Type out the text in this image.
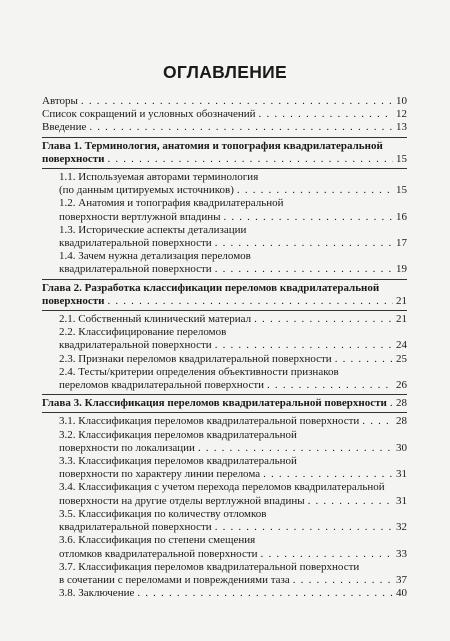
ОГЛАВЛЕНИЕ
Авторы . . .	10
Список сокращений и условных обозначений . . .	12
Введение . . .	13
Глава 1. Терминология, анатомия и топография квадрилатеральной
поверхности . . .	15
1.1. Используемая авторами терминология
(по данным цитируемых источников) . . .	15
1.2. Анатомия и топография квадрилатеральной
поверхности вертлужной впадины . . .	16
1.3. Исторические аспекты детализации
квадрилатеральной поверхности . . .	17
1.4. Зачем нужна детализация переломов
квадрилатеральной поверхности . . .	19
Глава 2. Разработка классификации переломов квадрилатеральной
поверхности . . .	21
2.1. Собственный клинический материал . . .	21
2.2. Классифицирование переломов
квадрилатеральной поверхности . . .	24
2.3. Признаки переломов квадрилатеральной поверхности . . .	25
2.4. Тесты/критерии определения объективности признаков
переломов квадрилатеральной поверхности . . .	26
Глава 3. Классификация переломов квадрилатеральной поверхности . . . 28
3.1. Классификация переломов квадрилатеральной поверхности . . .	28
3.2. Классификация переломов квадрилатеральной
поверхности по локализации . . .	30
3.3. Классификация переломов квадрилатеральной
поверхности по характеру линии перелома . . .	31
3.4. Классификация с учетом перехода переломов квадрилатеральной
поверхности на другие отделы вертлужной впадины . . .	31
3.5. Классификация по количеству отломков
квадрилатеральной поверхности . . .	32
3.6. Классификация по степени смещения
отломков квадрилатеральной поверхности . . .	33
3.7. Классификация переломов квадрилатеральной поверхности
в сочетании с переломами и повреждениями таза . . .	37
3.8. Заключение . . .	40
